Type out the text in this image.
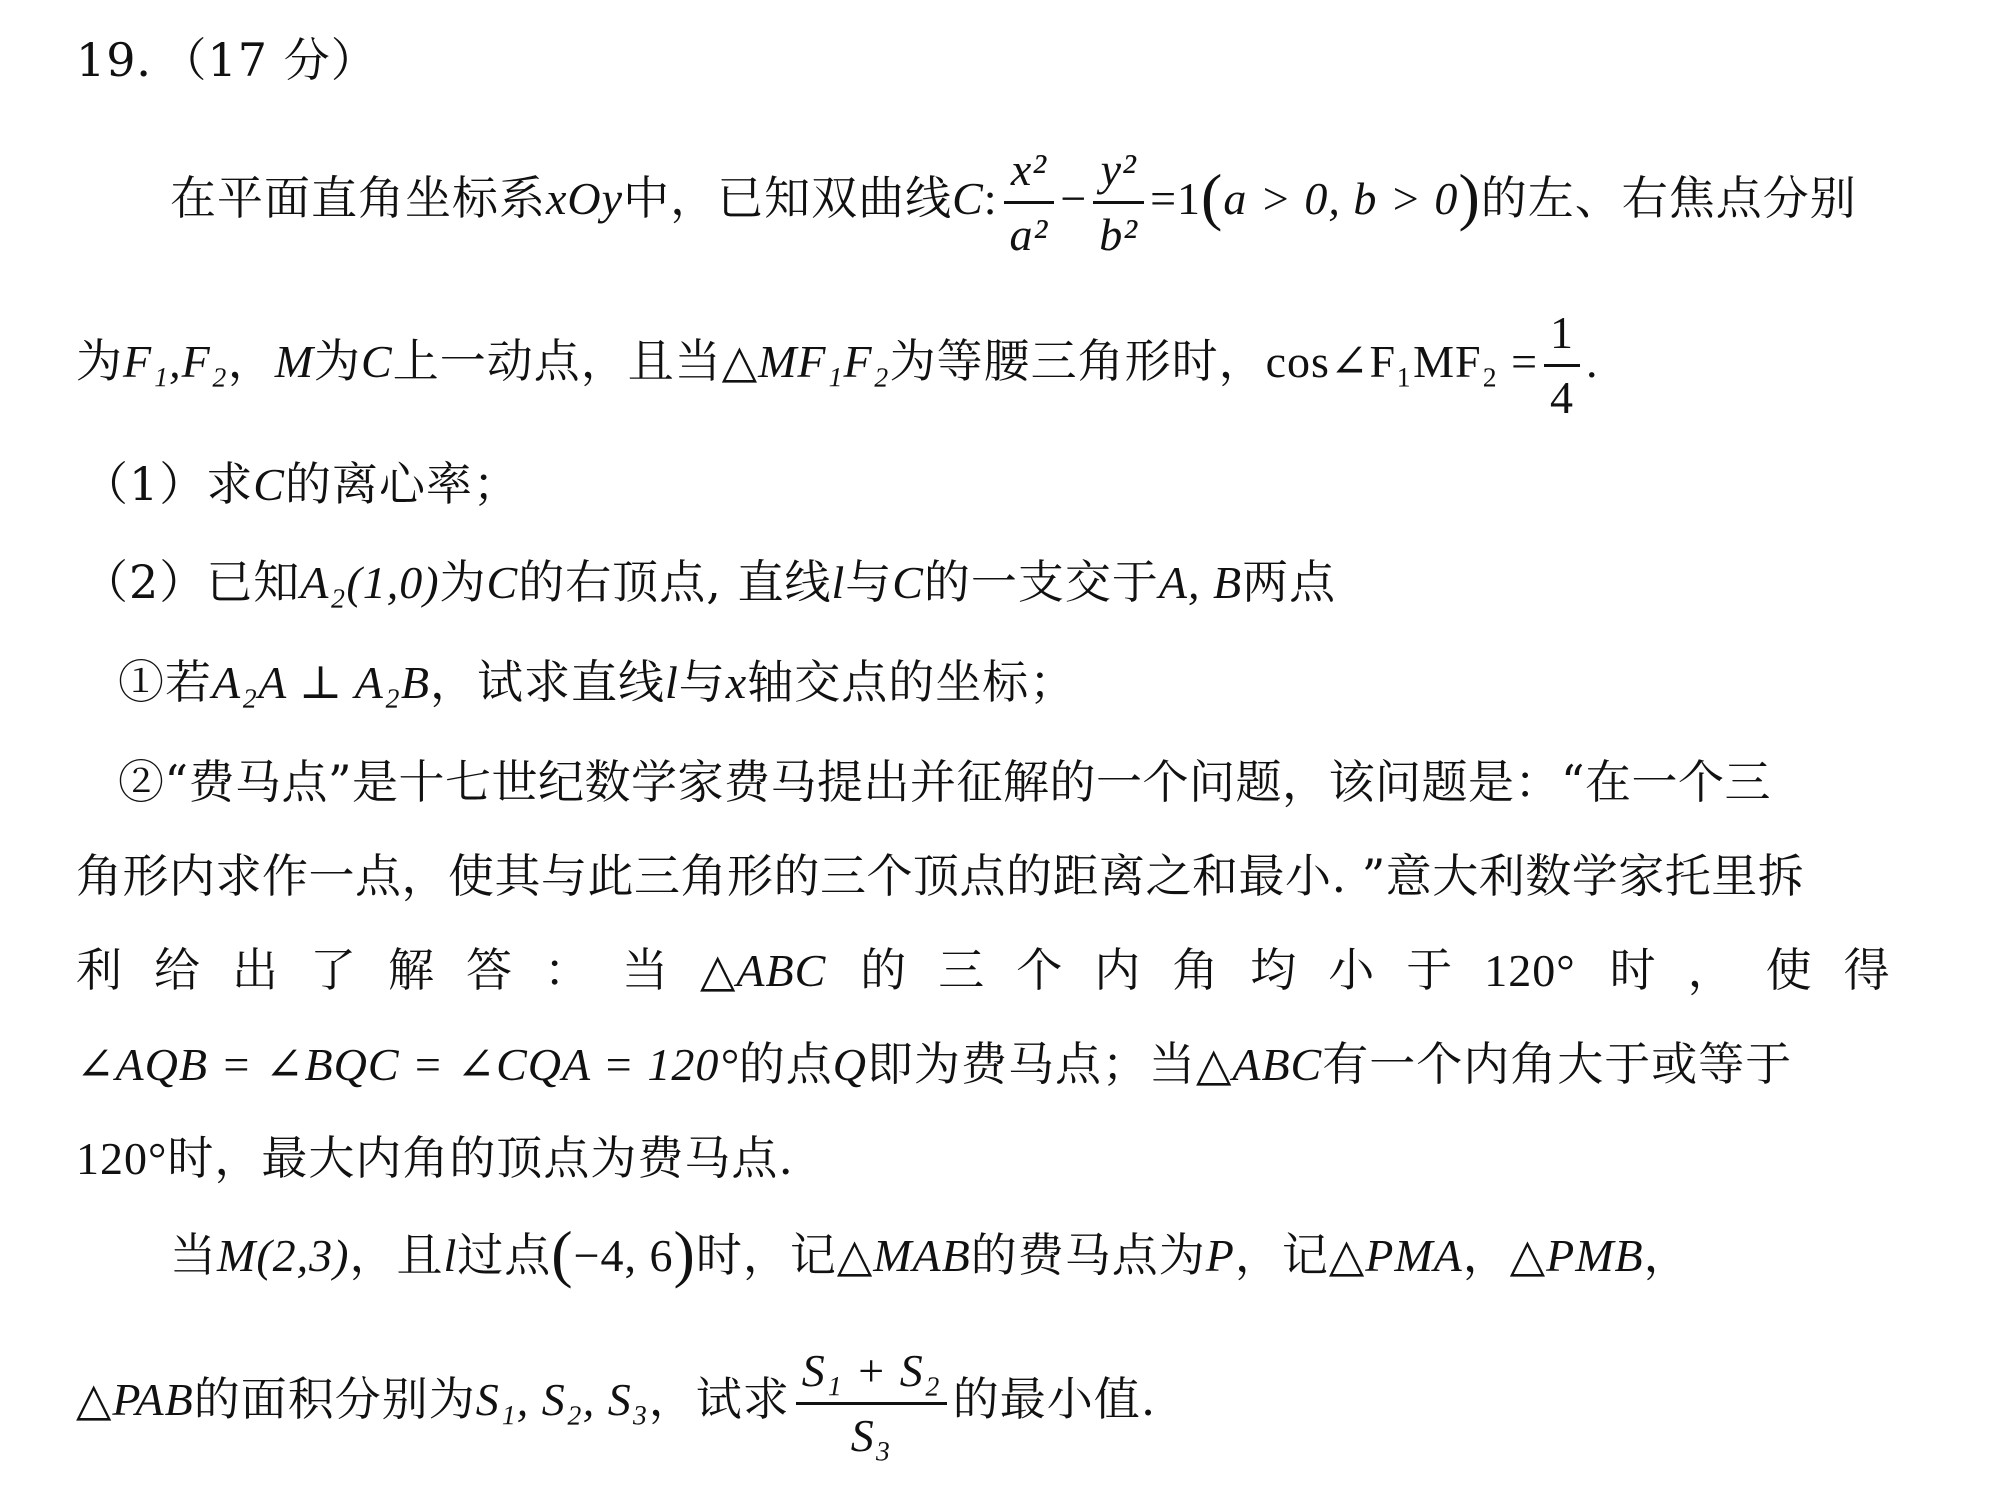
19．（17 分）
在平面直角坐标系xOy中，已知双曲线C: $\frac{\text{x²}}{\text{a²}} - \frac{\text{y²}}{\text{b²}} =1(a > 0$, b > 0)的左、右焦点分别
为F₁,F₂，M为C上一动点，且当△MF₁F₂为等腰三角形时，cos∠F₁MF₂ = $\frac{1}{4}$ .
（1）求C的离心率；
（2）已知A₂(1,0)为C的右顶点, 直线l与C的一支交于A, B两点
①若A₂A ⊥ A₂B，试求直线l与x轴交点的坐标；
②“费马点”是十七世纪数学家费马提出并征解的一个问题，该问题是：“在一个三
角形内求作一点，使其与此三角形的三个顶点的距离之和最小. ”意大利数学家托里拆
利给出了解答：当△ABC 的三个内角均小于120° 时，使得
∠AQB = ∠BQC = ∠CQA = 120°的点Q即为费马点；当△ABC有一个内角大于或等于
120°时，最大内角的顶点为费马点.
当M(2,3)，且l过点(−4, 6)时，记△MAB的费马点为P，记△PMA，△PMB，
△PAB的面积分别为S₁, S₂, S₃，试求 $\frac{\text{S₁ + S₂}}{\text{S₃}}$ 的最小值.
